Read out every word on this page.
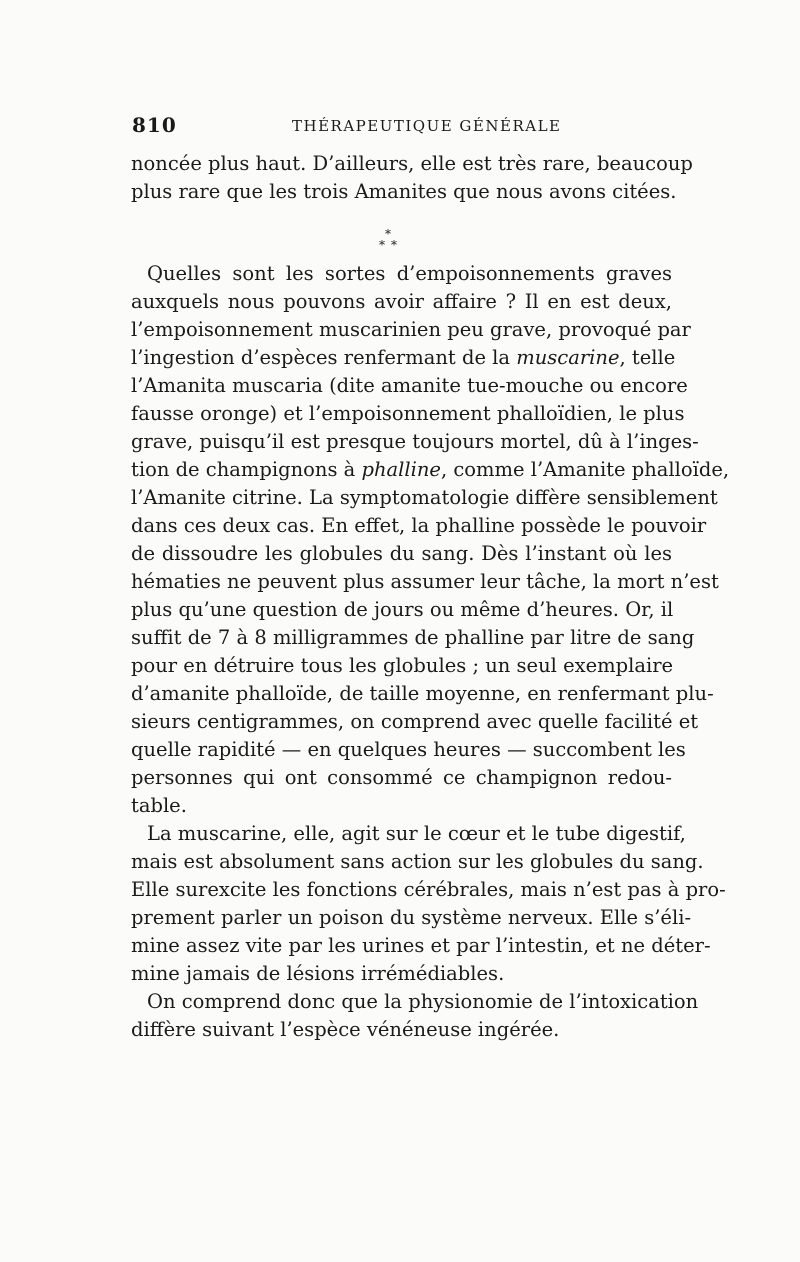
810	THÉRAPEUTIQUE GÉNÉRALE
noncée plus haut. D’ailleurs, elle est très rare, beaucoup
plus rare que les trois Amanites que nous avons citées.
*
* *
Quelles sont les sortes d’empoisonnements graves
auxquels nous pouvons avoir affaire ? Il en est deux,
l’empoisonnement muscarinien peu grave, provoqué par
l’ingestion d’espèces renfermant de la muscarine, telle
l’Amanita muscaria (dite amanite tue-mouche ou encore
fausse oronge) et l’empoisonnement phalloïdien, le plus
grave, puisqu’il est presque toujours mortel, dû à l’inges-
tion de champignons à phalline, comme l’Amanite phalloïde,
l’Amanite citrine. La symptomatologie diffère sensiblement
dans ces deux cas. En effet, la phalline possède le pouvoir
de dissoudre les globules du sang. Dès l’instant où les
hématies ne peuvent plus assumer leur tâche, la mort n’est
plus qu’une question de jours ou même d’heures. Or, il
suffit de 7 à 8 milligrammes de phalline par litre de sang
pour en détruire tous les globules ; un seul exemplaire
d’amanite phalloïde, de taille moyenne, en renfermant plu-
sieurs centigrammes, on comprend avec quelle facilité et
quelle rapidité — en quelques heures — succombent les
personnes qui ont consommé ce champignon redou-
table.
La muscarine, elle, agit sur le cœur et le tube digestif,
mais est absolument sans action sur les globules du sang.
Elle surexcite les fonctions cérébrales, mais n’est pas à pro-
prement parler un poison du système nerveux. Elle s’éli-
mine assez vite par les urines et par l’intestin, et ne déter-
mine jamais de lésions irrémédiables.
On comprend donc que la physionomie de l’intoxication
diffère suivant l’espèce vénéneuse ingérée.
